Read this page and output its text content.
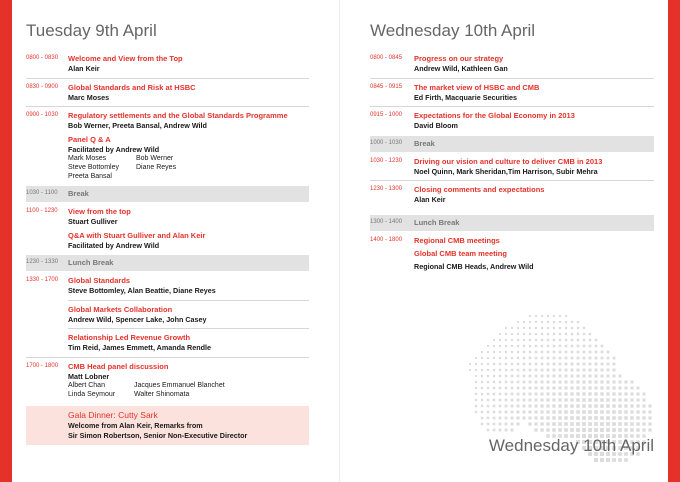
Tuesday 9th April
0800 - 0830 Welcome and View from the Top
Alan Keir
0830 - 0900 Global Standards and Risk at HSBC
Marc Moses
0900 - 1030 Regulatory settlements and the Global Standards Programme
Bob Werner, Preeta Bansal, Andrew Wild
Panel Q & A
Facilitated by Andrew Wild
Mark Moses	Bob Werner
Steve Bottomley	Diane Reyes
Preeta Bansal
1030 - 1100 Break
1100 - 1230 View from the top
Stuart Gulliver
Q&A with Stuart Gulliver and Alan Keir
Facilitated by Andrew Wild
1230 - 1330 Lunch Break
1330 - 1700 Global Standards
Steve Bottomley, Alan Beattie, Diane Reyes
Global Markets Collaboration
Andrew Wild, Spencer Lake, John Casey
Relationship Led Revenue Growth
Tim Reid, James Emmett, Amanda Rendle
1700 - 1800 CMB Head panel discussion
Matt Lobner
Albert Chan	Jacques Emmanuel Blanchet
Linda Seymour	Walter Shinomata
Gala Dinner: Cutty Sark
Welcome from Alan Keir, Remarks from
Sir Simon Robertson, Senior Non-Executive Director
Wednesday 10th April
0800 - 0845 Progress on our strategy
Andrew Wild, Kathleen Gan
0845 - 0915 The market view of HSBC and CMB
Ed Firth, Macquarie Securities
0915 - 1000 Expectations for the Global Economy in 2013
David Bloom
1000 - 1030 Break
1030 - 1230 Driving our vision and culture to deliver CMB in 2013
Noel Quinn, Mark Sheridan,Tim Harrison, Subir Mehra
1230 - 1300 Closing comments and expectations
Alan Keir
1300 - 1400 Lunch Break
1400 - 1800 Regional CMB meetings
Global CMB team meeting
Regional CMB Heads, Andrew Wild
Wednesday 10th April
